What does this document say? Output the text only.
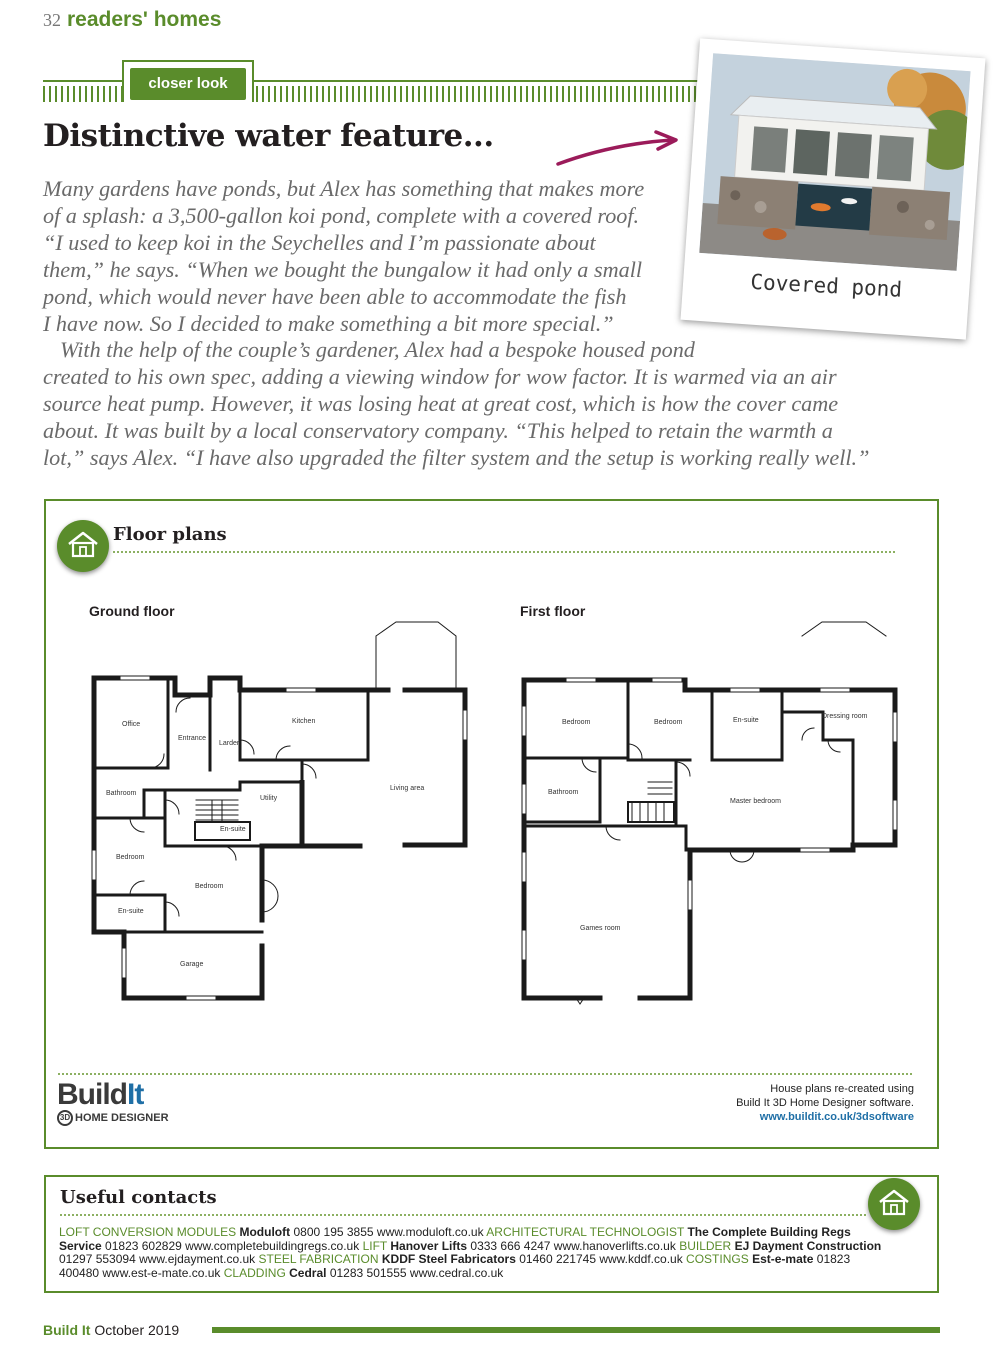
32 readers' homes
closer look
Distinctive water feature...
Many gardens have ponds, but Alex has something that makes more
of a splash: a 3,500-gallon koi pond, complete with a covered roof.
“I used to keep koi in the Seychelles and I’m passionate about
them,” he says. “When we bought the bungalow it had only a small
pond, which would never have been able to accommodate the fish
I have now. So I decided to make something a bit more special.”
With the help of the couple’s gardener, Alex had a bespoke housed pond
created to his own spec, adding a viewing window for wow factor. It is warmed via an air
source heat pump. However, it was losing heat at great cost, which is how the cover came
about. It was built by a local conservatory company. “This helped to retain the warmth a
lot,” says Alex. “I have also upgraded the filter system and the setup is working really well.”
Covered pond
Floor plans
Ground floor	First floor
Office
Entrance
Larder
Kitchen
Living area
Bathroom
Utility
En-suite
Bedroom
Bedroom
En-suite
Garage
Bedroom	Bedroom	En-suite
Dressing room
Bathroom
Master bedroom
Games room
BuildIt
3D HOME DESIGNER
House plans re-created using
Build It 3D Home Designer software.
www.buildit.co.uk/3dsoftware
Useful contacts
LOFT CONVERSION MODULES Moduloft 0800 195 3855 www.moduloft.co.uk ARCHITECTURAL TECHNOLOGIST The Complete Building Regs Service 01823 602829 www.completebuildingregs.co.uk LIFT Hanover Lifts 0333 666 4247 www.hanoverlifts.co.uk BUILDER EJ Dayment Construction 01297 553094 www.ejdayment.co.uk STEEL FABRICATION KDDF Steel Fabricators 01460 221745 www.kddf.co.uk COSTINGS Est-e-mate 01823 400480 www.est-e-mate.co.uk CLADDING Cedral 01283 501555 www.cedral.co.uk
Build It October 2019
